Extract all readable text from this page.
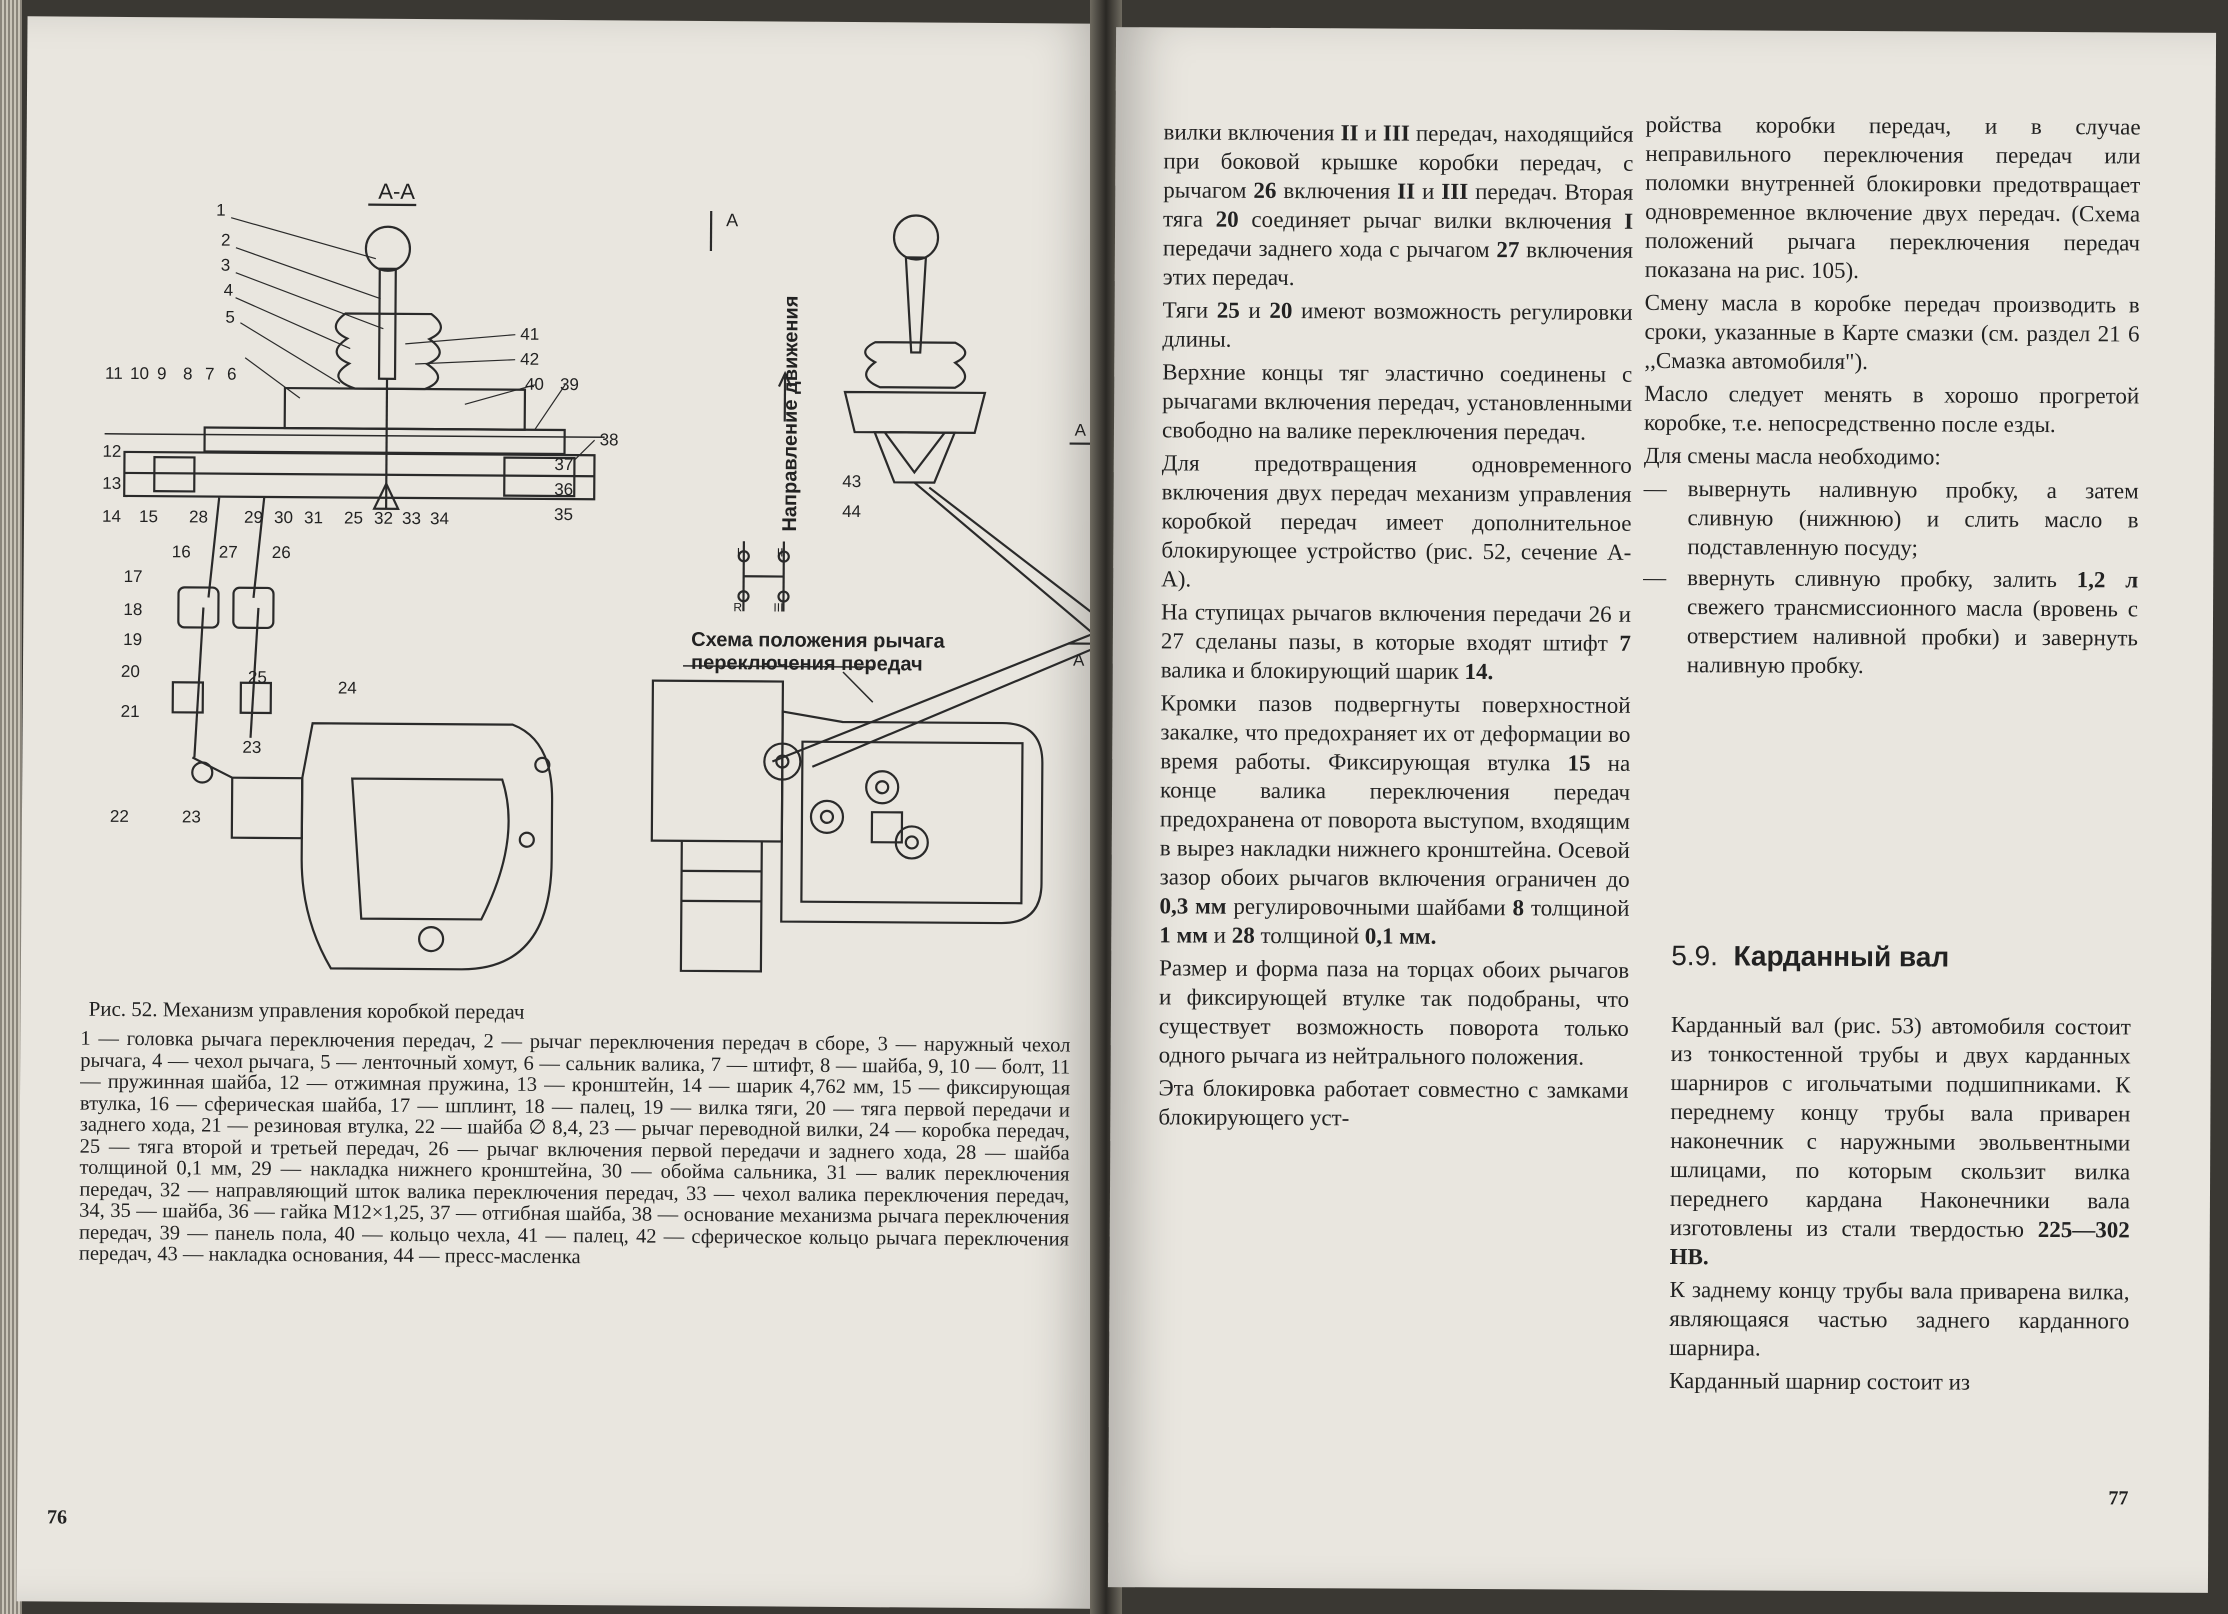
А-А
1
2
3
4
5
11 10 9 8 7 6
41
42
40 39
38
37
36
35
12
13
14 15 28 29 30 31 25 32 33 34
16 27 26
17
18
19
20	25
24
21
23
22	23
А
43
44
А
А
I	II
R	III
Направление движения
Схема положения рычага
переключения передач
Рис. 52. Механизм управления коробкой передач
1 — головка рычага переключения передач, 2 — рычаг переключения передач в сборе, 3 — наружный чехол рычага, 4 — чехол рычага, 5 — ленточный хомут, 6 — сальник валика, 7 — штифт, 8 — шайба, 9, 10 — болт, 11 — пружинная шайба, 12 — отжимная пружина, 13 — кронштейн, 14 — шарик 4,762 мм, 15 — фиксирующая втулка, 16 — сферическая шайба, 17 — шплинт, 18 — палец, 19 — вилка тяги, 20 — тяга первой передачи и заднего хода, 21 — резиновая втулка, 22 — шайба ∅ 8,4, 23 — рычаг переводной вилки, 24 — коробка передач, 25 — тяга второй и третьей передач, 26 — рычаг включения первой передачи и заднего хода, 28 — шайба толщиной 0,1 мм, 29 — накладка нижнего кронштейна, 30 — обойма сальника, 31 — валик переключения передач, 32 — направляющий шток валика переключения передач, 33 — чехол валика переключения передач, 34, 35 — шайба, 36 — гайка М12×1,25, 37 — отгибная шайба, 38 — основание механизма рычага переключения передач, 39 — панель пола, 40 — кольцо чехла, 41 — палец, 42 — сферическое кольцо рычага переключения передач, 43 — накладка основания, 44 — пресс-масленка
76

вилки включения II и III передач, находящийся при боковой крышке коробки передач, с рычагом 26 включения II и III передач. Вторая тяга 20 соединяет рычаг вилки включения I передачи заднего хода с рычагом 27 включения этих передач.

Тяги 25 и 20 имеют возможность регулировки длины.

Верхние концы тяг эластично соединены с рычагами включения передач, установленными свободно на валике переключения передач.

Для предотвращения одновременного включения двух передач механизм управления коробкой передач имеет дополнительное блокирующее устройство (рис. 52, сечение А-А).

На ступицах рычагов включения передачи 26 и 27 сделаны пазы, в которые входят штифт 7 валика и блокирующий шарик 14.

Кромки пазов подвергнуты поверхностной закалке, что предохраняет их от деформации во время работы. Фиксирующая втулка 15 на конце валика переключения передач предохранена от поворота выступом, входящим в вырез накладки нижнего кронштейна. Осевой зазор обоих рычагов включения ограничен до 0,3 мм регулировочными шайбами 8 толщиной 1 мм и 28 толщиной 0,1 мм.

Размер и форма паза на торцах обоих рычагов и фиксирующей втулке так подобраны, что существует возможность поворота только одного рычага из нейтрального положения.

Эта блокировка работает совместно с замками блокирующего уст-

ройства коробки передач, и в случае неправильного переключения передач или поломки внутренней блокировки предотвращает одновременное включение двух передач. (Схема положений рычага переключения передач показана на рис. 105).

Смену масла в коробке передач производить в сроки, указанные в Карте смазки (см. раздел 21 6 ,,Смазка автомобиля").

Масло следует менять в хорошо прогретой коробке, т.е. непосредственно после езды.

Для смены масла необходимо:

— вывернуть наливную пробку, а затем сливную (нижнюю) и слить масло в подставленную посуду;
— ввернуть сливную пробку, залить 1,2 л свежего трансмиссионного масла (вровень с отверстием наливной пробки) и завернуть наливную пробку.
5.9. Карданный вал

Карданный вал (рис. 53) автомобиля состоит из тонкостенной трубы и двух карданных шарниров с игольчатыми подшипниками. К переднему концу трубы вала приварен наконечник с наружными эвольвентными шлицами, по которым скользит вилка переднего кардана Наконечники вала изготовлены из стали твердостью 225—302 НВ.

К заднему концу трубы вала приварена вилка, являющаяся частью заднего карданного шарнира.

Карданный шарнир состоит из

77
